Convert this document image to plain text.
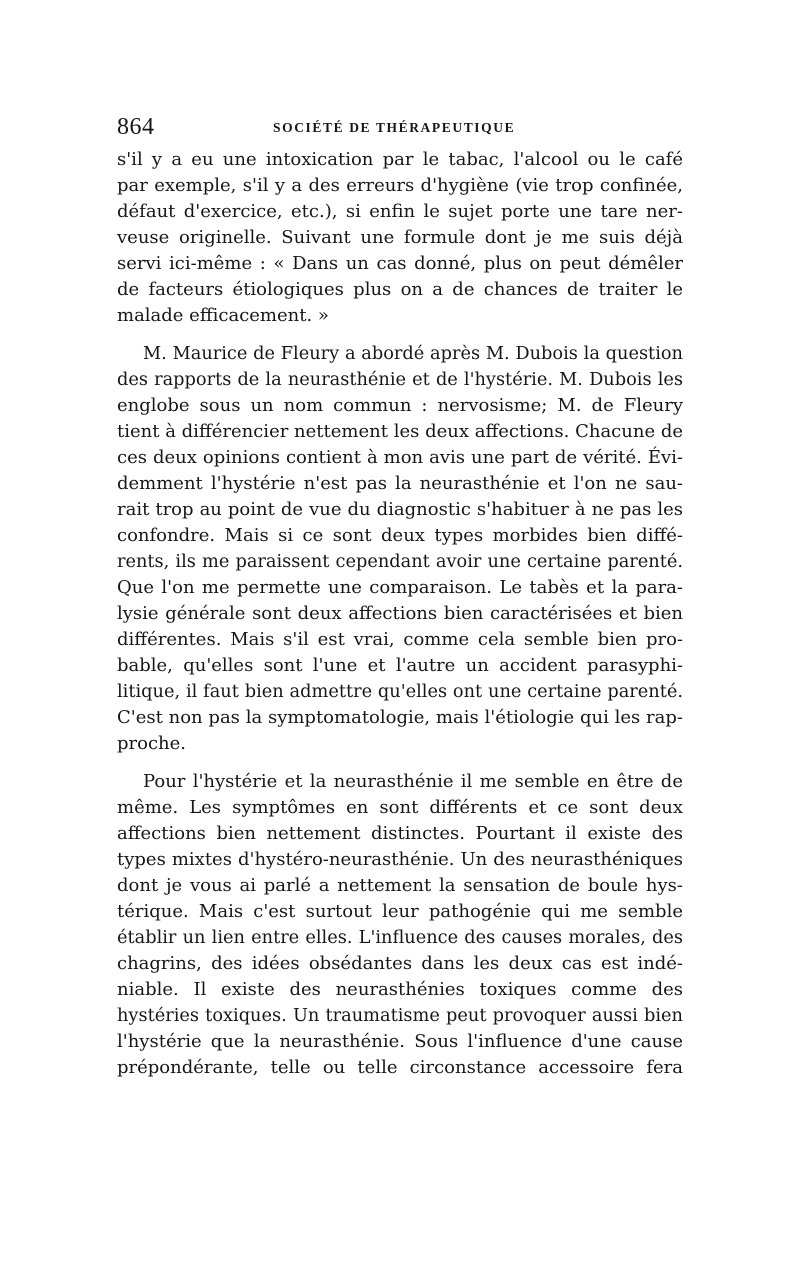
864	SOCIÉTÉ DE THÉRAPEUTIQUE
s'il y a eu une intoxication par le tabac, l'alcool ou le café
par exemple, s'il y a des erreurs d'hygiène (vie trop confinée,
défaut d'exercice, etc.), si enfin le sujet porte une tare ner-
veuse originelle. Suivant une formule dont je me suis déjà
servi ici-même : « Dans un cas donné, plus on peut démêler
de facteurs étiologiques plus on a de chances de traiter le
malade efficacement. »
M. Maurice de Fleury a abordé après M. Dubois la question
des rapports de la neurasthénie et de l'hystérie. M. Dubois les
englobe sous un nom commun : nervosisme; M. de Fleury
tient à différencier nettement les deux affections. Chacune de
ces deux opinions contient à mon avis une part de vérité. Évi-
demment l'hystérie n'est pas la neurasthénie et l'on ne sau-
rait trop au point de vue du diagnostic s'habituer à ne pas les
confondre. Mais si ce sont deux types morbides bien diffé-
rents, ils me paraissent cependant avoir une certaine parenté.
Que l'on me permette une comparaison. Le tabès et la para-
lysie générale sont deux affections bien caractérisées et bien
différentes. Mais s'il est vrai, comme cela semble bien pro-
bable, qu'elles sont l'une et l'autre un accident parasyphi-
litique, il faut bien admettre qu'elles ont une certaine parenté.
C'est non pas la symptomatologie, mais l'étiologie qui les rap-
proche.
Pour l'hystérie et la neurasthénie il me semble en être de
même. Les symptômes en sont différents et ce sont deux
affections bien nettement distinctes. Pourtant il existe des
types mixtes d'hystéro-neurasthénie. Un des neurasthéniques
dont je vous ai parlé a nettement la sensation de boule hys-
térique. Mais c'est surtout leur pathogénie qui me semble
établir un lien entre elles. L'influence des causes morales, des
chagrins, des idées obsédantes dans les deux cas est indé-
niable. Il existe des neurasthénies toxiques comme des
hystéries toxiques. Un traumatisme peut provoquer aussi bien
l'hystérie que la neurasthénie. Sous l'influence d'une cause
prépondérante, telle ou telle circonstance accessoire fera
